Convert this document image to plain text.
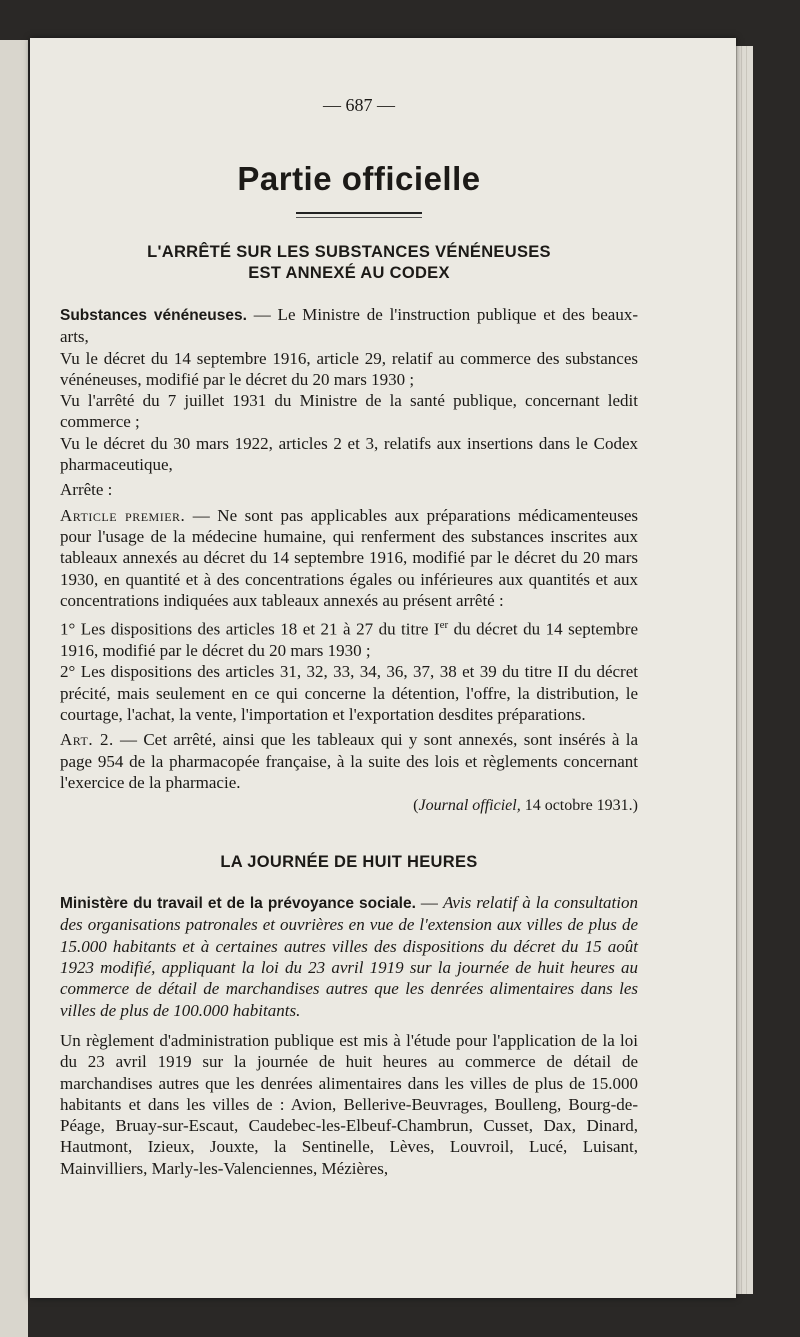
— 687 —
Partie officielle
L'ARRÊTÉ SUR LES SUBSTANCES VÉNÉNEUSES
EST ANNEXÉ AU CODEX

Substances vénéneuses. — Le Ministre de l'instruction publique et des beaux-arts,

Vu le décret du 14 septembre 1916, article 29, relatif au commerce des substances vénéneuses, modifié par le décret du 20 mars 1930 ;

Vu l'arrêté du 7 juillet 1931 du Ministre de la santé publique, concernant ledit commerce ;

Vu le décret du 30 mars 1922, articles 2 et 3, relatifs aux insertions dans le Codex pharmaceutique,

Arrête :

Article premier. — Ne sont pas applicables aux préparations médicamenteuses pour l'usage de la médecine humaine, qui renferment des substances inscrites aux tableaux annexés au décret du 14 septembre 1916, modifié par le décret du 20 mars 1930, en quantité et à des concentrations égales ou inférieures aux quantités et aux concentrations indiquées aux tableaux annexés au présent arrêté :

1° Les dispositions des articles 18 et 21 à 27 du titre Ier du décret du 14 septembre 1916, modifié par le décret du 20 mars 1930 ;

2° Les dispositions des articles 31, 32, 33, 34, 36, 37, 38 et 39 du titre II du décret précité, mais seulement en ce qui concerne la détention, l'offre, la distribution, le courtage, l'achat, la vente, l'importation et l'exportation desdites préparations.

Art. 2. — Cet arrêté, ainsi que les tableaux qui y sont annexés, sont insérés à la page 954 de la pharmacopée française, à la suite des lois et règlements concernant l'exercice de la pharmacie.

(Journal officiel, 14 octobre 1931.)
LA JOURNÉE DE HUIT HEURES

Ministère du travail et de la prévoyance sociale. — Avis relatif à la consultation des organisations patronales et ouvrières en vue de l'extension aux villes de plus de 15.000 habitants et à certaines autres villes des dispositions du décret du 15 août 1923 modifié, appliquant la loi du 23 avril 1919 sur la journée de huit heures au commerce de détail de marchandises autres que les denrées alimentaires dans les villes de plus de 100.000 habitants.

Un règlement d'administration publique est mis à l'étude pour l'application de la loi du 23 avril 1919 sur la journée de huit heures au commerce de détail de marchandises autres que les denrées alimentaires dans les villes de plus de 15.000 habitants et dans les villes de : Avion, Bellerive-Beuvrages, Boulleng, Bourg-de-Péage, Bruay-sur-Escaut, Caudebec-les-Elbeuf-Chambrun, Cusset, Dax, Dinard, Hautmont, Izieux, Jouxte, la Sentinelle, Lèves, Louvroil, Lucé, Luisant, Mainvilliers, Marly-les-Valenciennes, Mézières,
